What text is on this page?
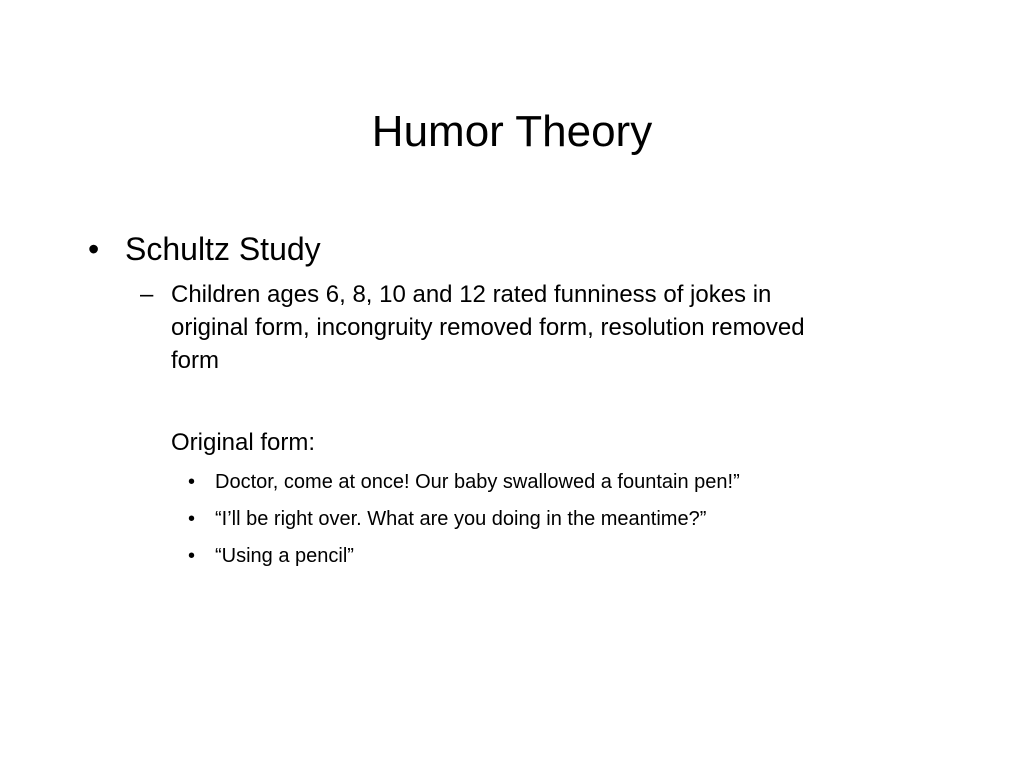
Humor Theory
• Schultz Study
– Children ages 6, 8, 10 and 12 rated funniness of jokes in
original form, incongruity removed form, resolution removed
form
Original form:
• Doctor, come at once! Our baby swallowed a fountain pen!”
• “I’ll be right over. What are you doing in the meantime?”
• “Using a pencil”
